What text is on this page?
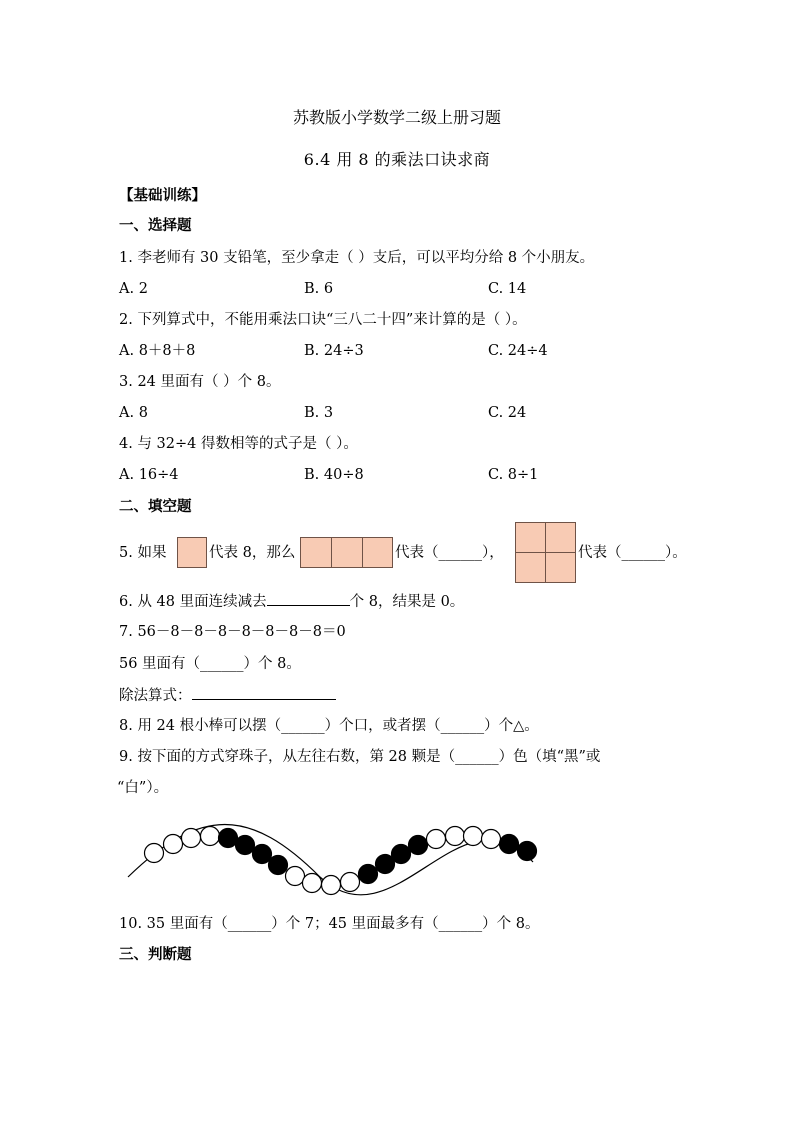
苏教版小学数学二级上册习题
6.4 用 8 的乘法口诀求商
【基础训练】
一、选择题
1. 李老师有 30 支铅笔，至少拿走（ ）支后，可以平均分给 8 个小朋友。
A. 2	B. 6	C. 14
2. 下列算式中，不能用乘法口诀“三八二十四”来计算的是（ ）。
A. 8＋8＋8	B. 24÷3	C. 24÷4
3. 24 里面有（ ）个 8。
A. 8	B. 3	C. 24
4. 与 32÷4 得数相等的式子是（ ）。
A. 16÷4	B. 40÷8	C. 8÷1
二、填空题
5. 如果	代表 8，那么	代表（______），	代表（______）。
6. 从 48 里面连续减去	个 8，结果是 0。
7. 56－8－8－8－8－8－8－8＝0
56 里面有（______）个 8。
除法算式：
8. 用 24 根小棒可以摆（______）个口，或者摆（______）个△。
9. 按下面的方式穿珠子，从左往右数，第 28 颗是（______）色（填“黑”或
“白”）。
10. 35 里面有（______）个 7；45 里面最多有（______）个 8。
三、判断题
